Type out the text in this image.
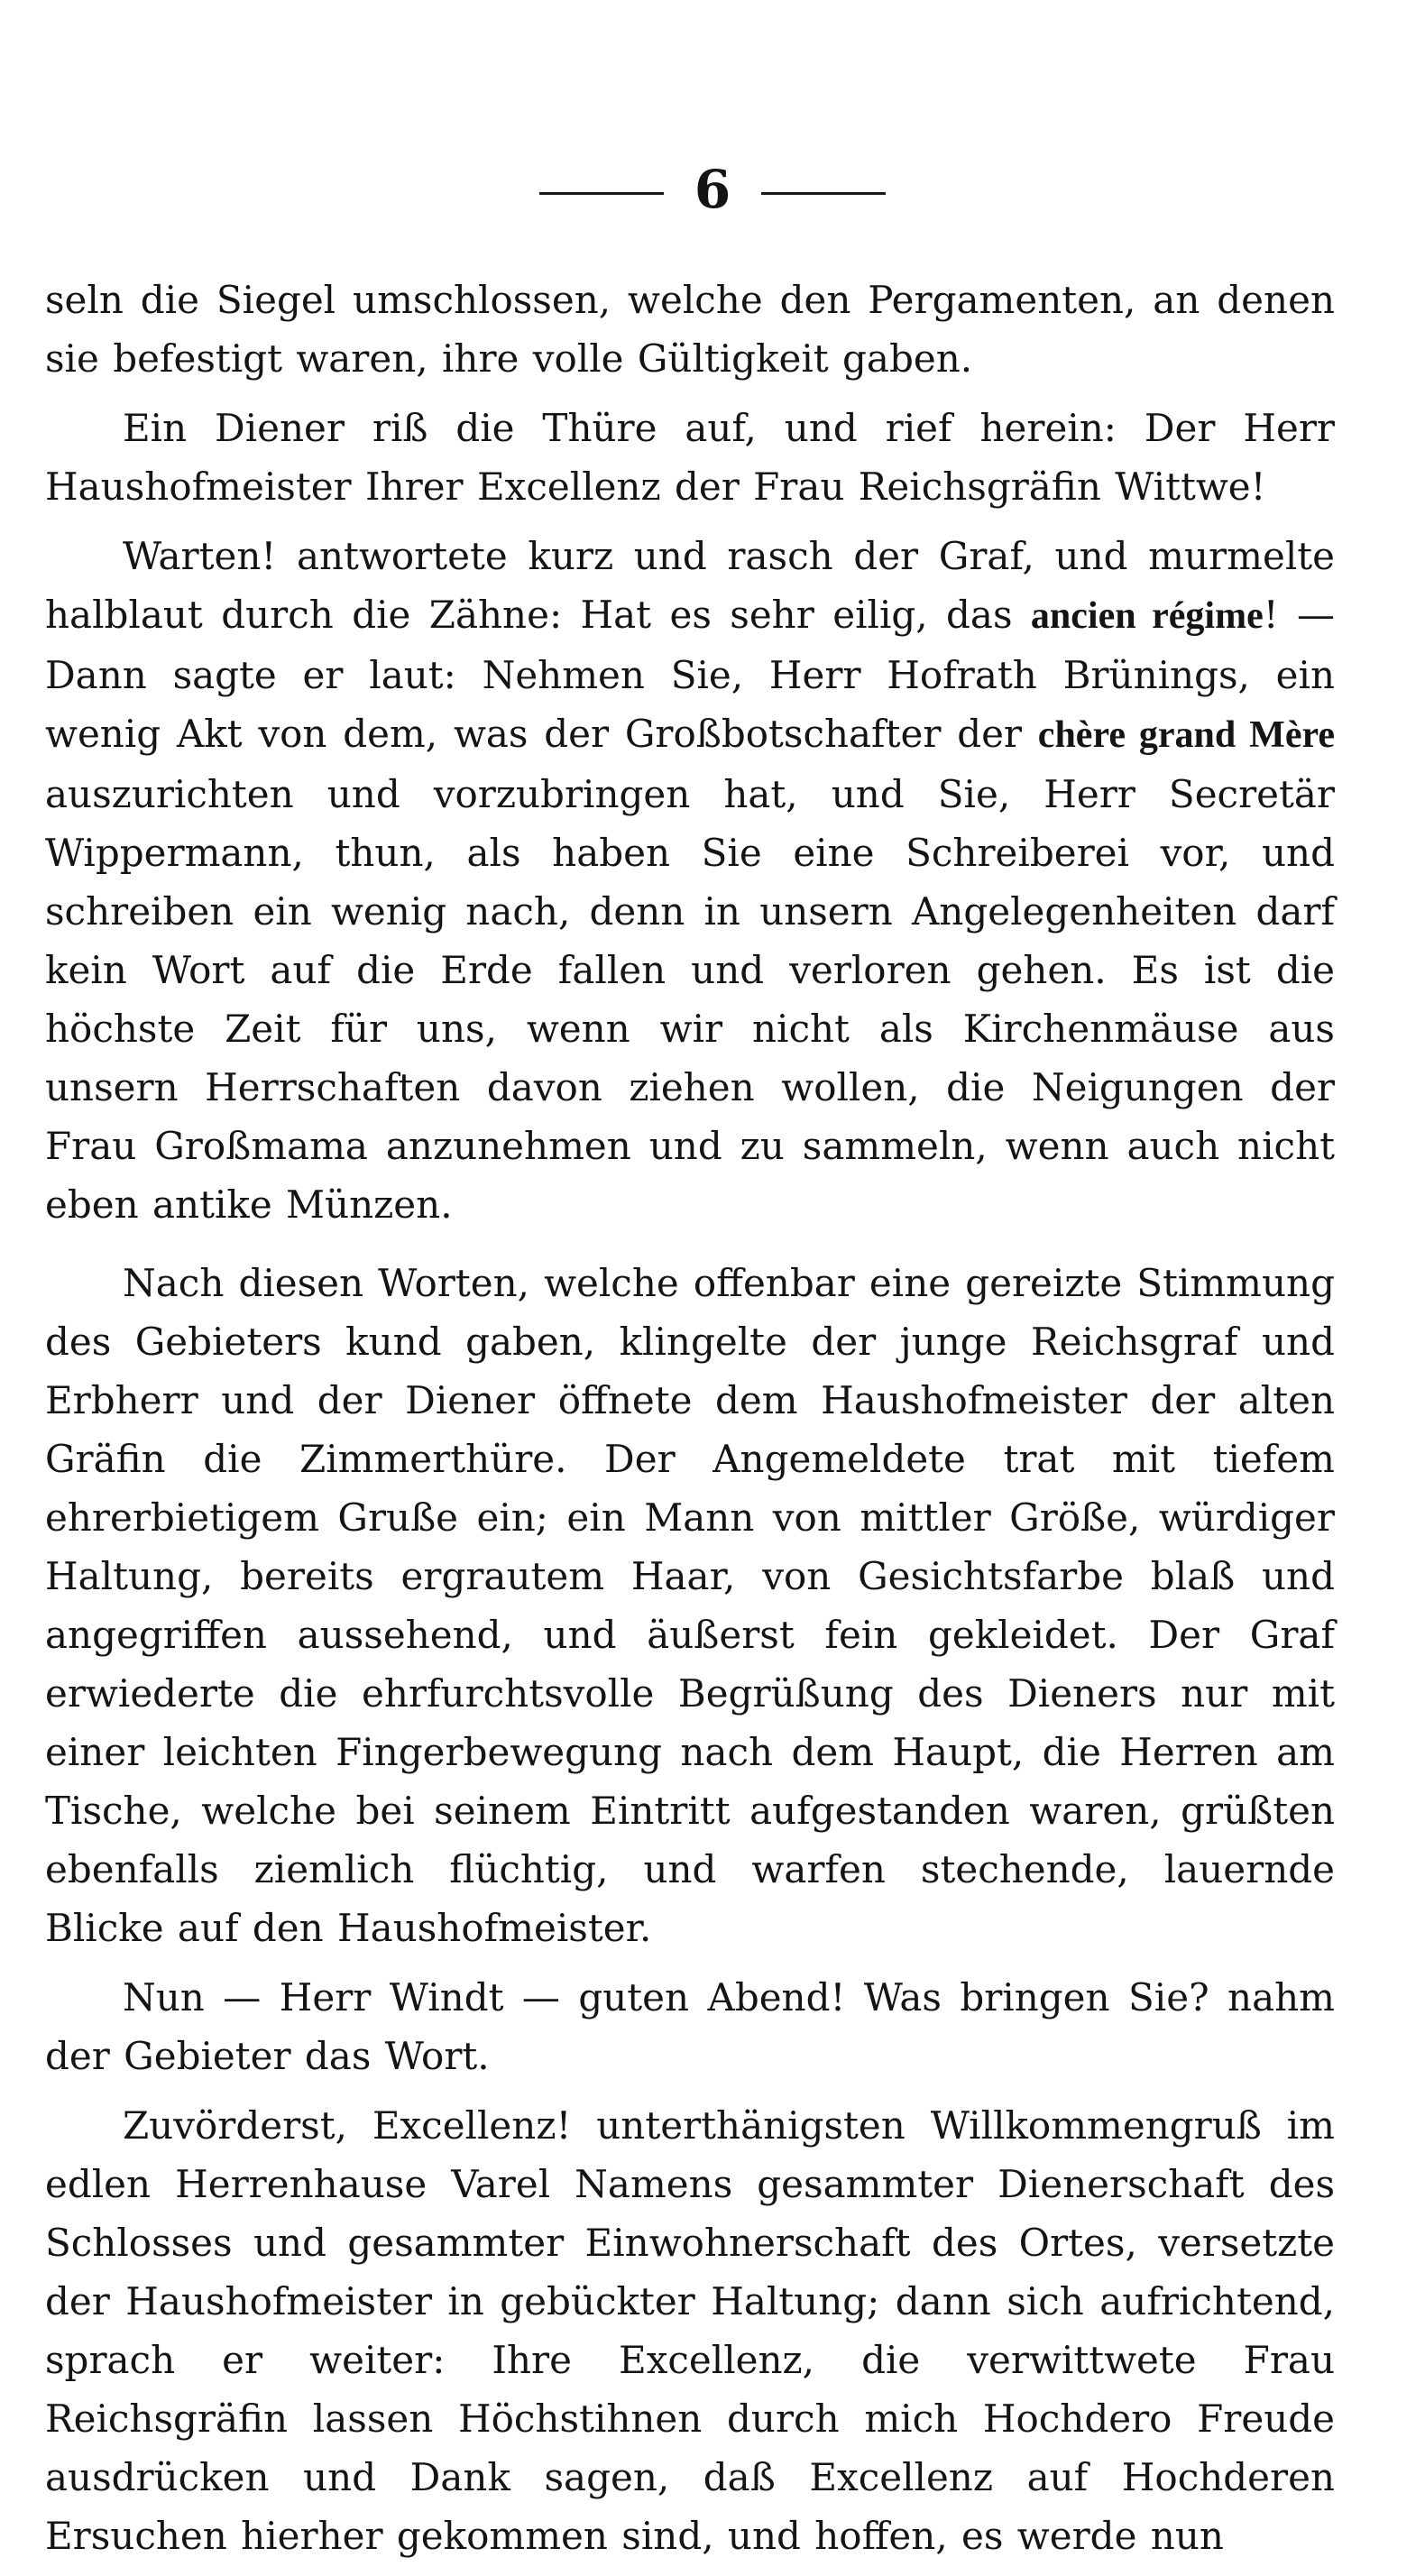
6

seln die Siegel umschlossen, welche den Pergamenten, an denen sie befestigt waren, ihre volle Gültigkeit gaben.

Ein Diener riß die Thüre auf, und rief herein: Der Herr Haushofmeister Ihrer Excellenz der Frau Reichsgräfin Wittwe!

Warten! antwortete kurz und rasch der Graf, und murmelte halblaut durch die Zähne: Hat es sehr eilig, das ancien régime! — Dann sagte er laut: Nehmen Sie, Herr Hofrath Brünings, ein wenig Akt von dem, was der Großbotschafter der chère grand Mère auszurichten und vorzubringen hat, und Sie, Herr Secretär Wippermann, thun, als haben Sie eine Schreiberei vor, und schreiben ein wenig nach, denn in unsern Angelegenheiten darf kein Wort auf die Erde fallen und verloren gehen. Es ist die höchste Zeit für uns, wenn wir nicht als Kirchenmäuse aus unsern Herrschaften davon ziehen wollen, die Neigungen der Frau Großmama anzunehmen und zu sammeln, wenn auch nicht eben antike Münzen.

Nach diesen Worten, welche offenbar eine gereizte Stimmung des Gebieters kund gaben, klingelte der junge Reichsgraf und Erbherr und der Diener öffnete dem Haushofmeister der alten Gräfin die Zimmerthüre. Der Angemeldete trat mit tiefem ehrerbietigem Gruße ein; ein Mann von mittler Größe, würdiger Haltung, bereits ergrautem Haar, von Gesichtsfarbe blaß und angegriffen aussehend, und äußerst fein gekleidet. Der Graf erwiederte die ehrfurchtsvolle Begrüßung des Dieners nur mit einer leichten Fingerbewegung nach dem Haupt, die Herren am Tische, welche bei seinem Eintritt aufgestanden waren, grüßten ebenfalls ziemlich flüchtig, und warfen stechende, lauernde Blicke auf den Haushofmeister.

Nun — Herr Windt — guten Abend! Was bringen Sie? nahm der Gebieter das Wort.

Zuvörderst, Excellenz! unterthänigsten Willkommengruß im edlen Herrenhause Varel Namens gesammter Dienerschaft des Schlosses und gesammter Einwohnerschaft des Ortes, versetzte der Haushofmeister in gebückter Haltung; dann sich aufrichtend, sprach er weiter: Ihre Excellenz, die verwittwete Frau Reichsgräfin lassen Höchstihnen durch mich Hochdero Freude ausdrücken und Dank sagen, daß Excellenz auf Hochderen Ersuchen hierher gekommen sind, und hoffen, es werde nun
